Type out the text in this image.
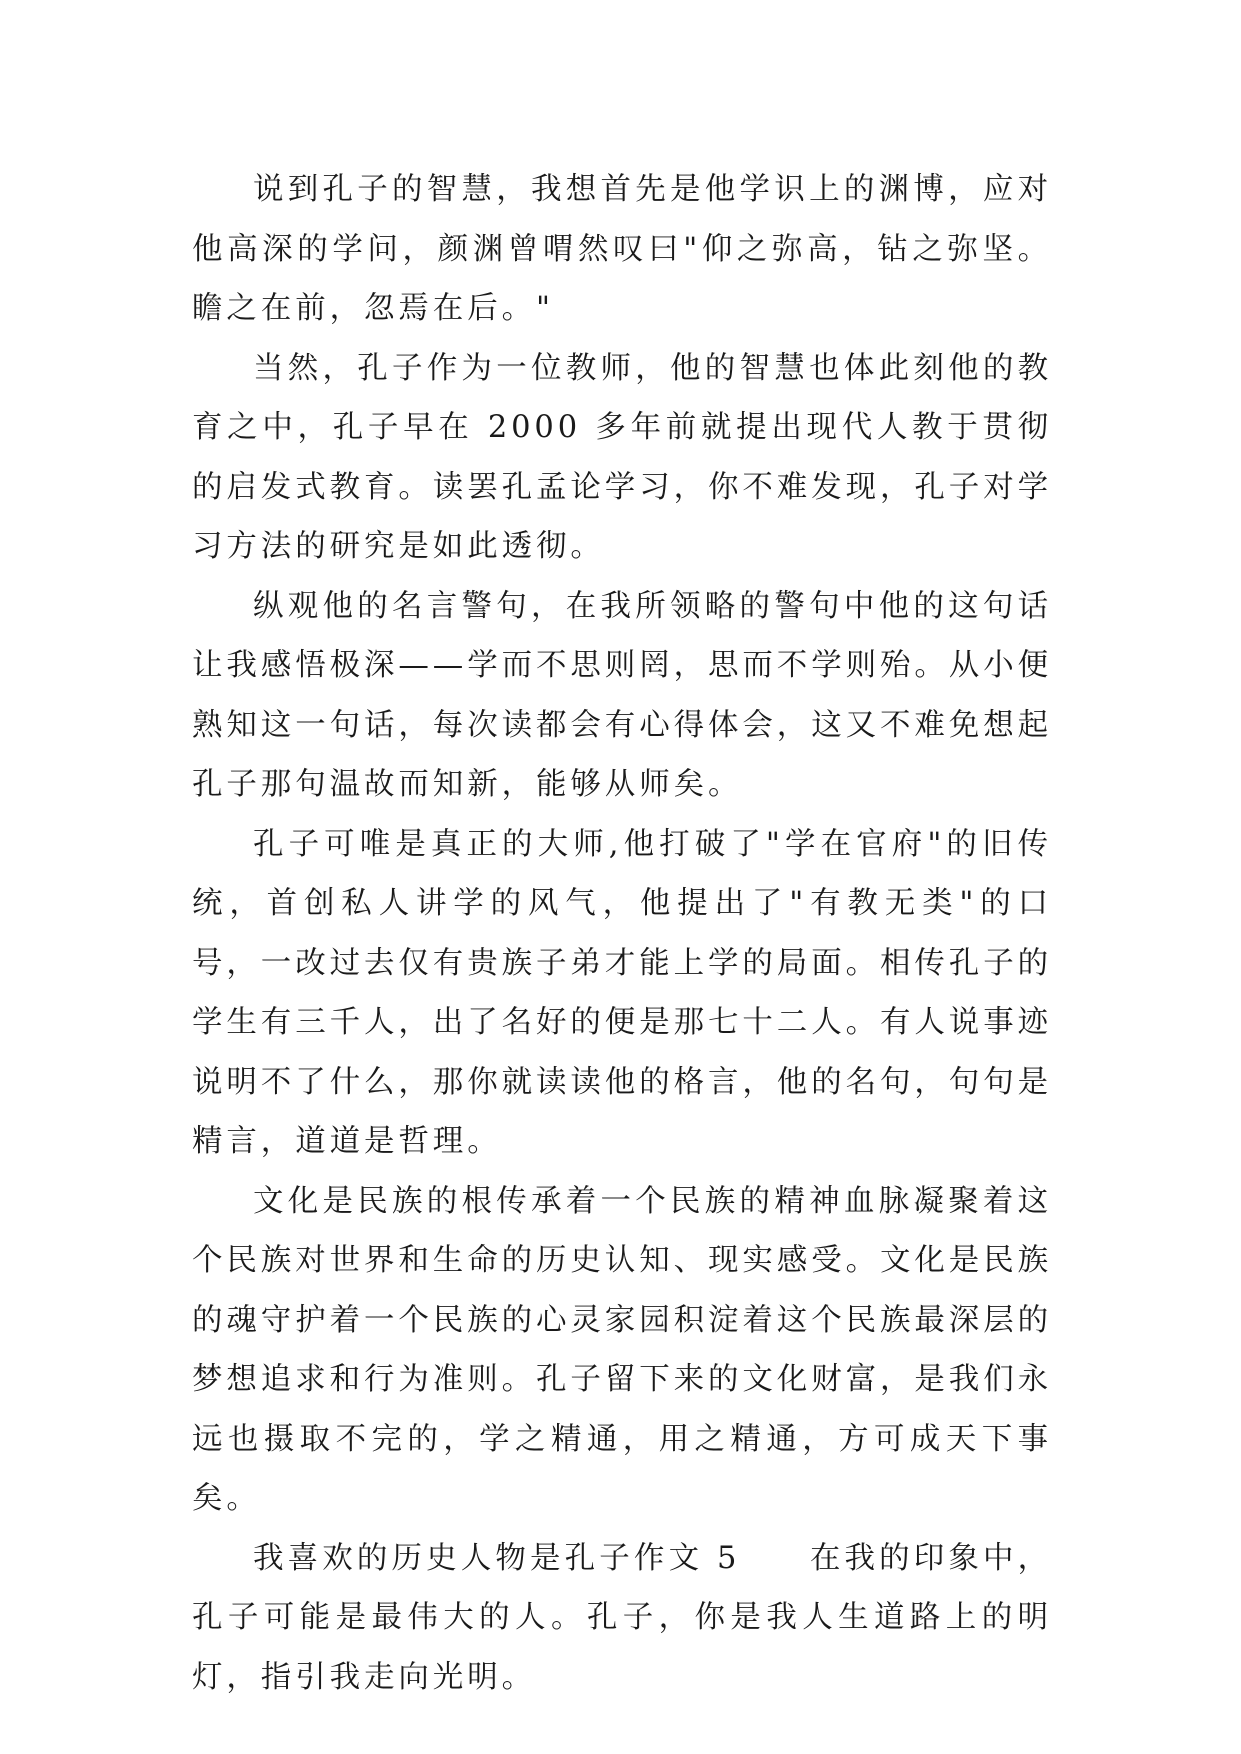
说到孔子的智慧，我想首先是他学识上的渊博，应对他高深的学问，颜渊曾喟然叹曰"仰之弥高，钻之弥坚。瞻之在前，忽焉在后。"

当然，孔子作为一位教师，他的智慧也体此刻他的教育之中，孔子早在 2000 多年前就提出现代人教于贯彻的启发式教育。读罢孔孟论学习，你不难发现，孔子对学习方法的研究是如此透彻。

纵观他的名言警句，在我所领略的警句中他的这句话让我感悟极深——学而不思则罔，思而不学则殆。从小便熟知这一句话，每次读都会有心得体会，这又不难免想起孔子那句温故而知新，能够从师矣。

孔子可唯是真正的大师,他打破了"学在官府"的旧传统，首创私人讲学的风气，他提出了"有教无类"的口号，一改过去仅有贵族子弟才能上学的局面。相传孔子的学生有三千人，出了名好的便是那七十二人。有人说事迹说明不了什么，那你就读读他的格言，他的名句，句句是精言，道道是哲理。

文化是民族的根传承着一个民族的精神血脉凝聚着这个民族对世界和生命的历史认知、现实感受。文化是民族的魂守护着一个民族的心灵家园积淀着这个民族最深层的梦想追求和行为准则。孔子留下来的文化财富，是我们永远也摄取不完的，学之精通，用之精通，方可成天下事矣。

我喜欢的历史人物是孔子作文 5　　在我的印象中，孔子可能是最伟大的人。孔子，你是我人生道路上的明灯，指引我走向光明。
